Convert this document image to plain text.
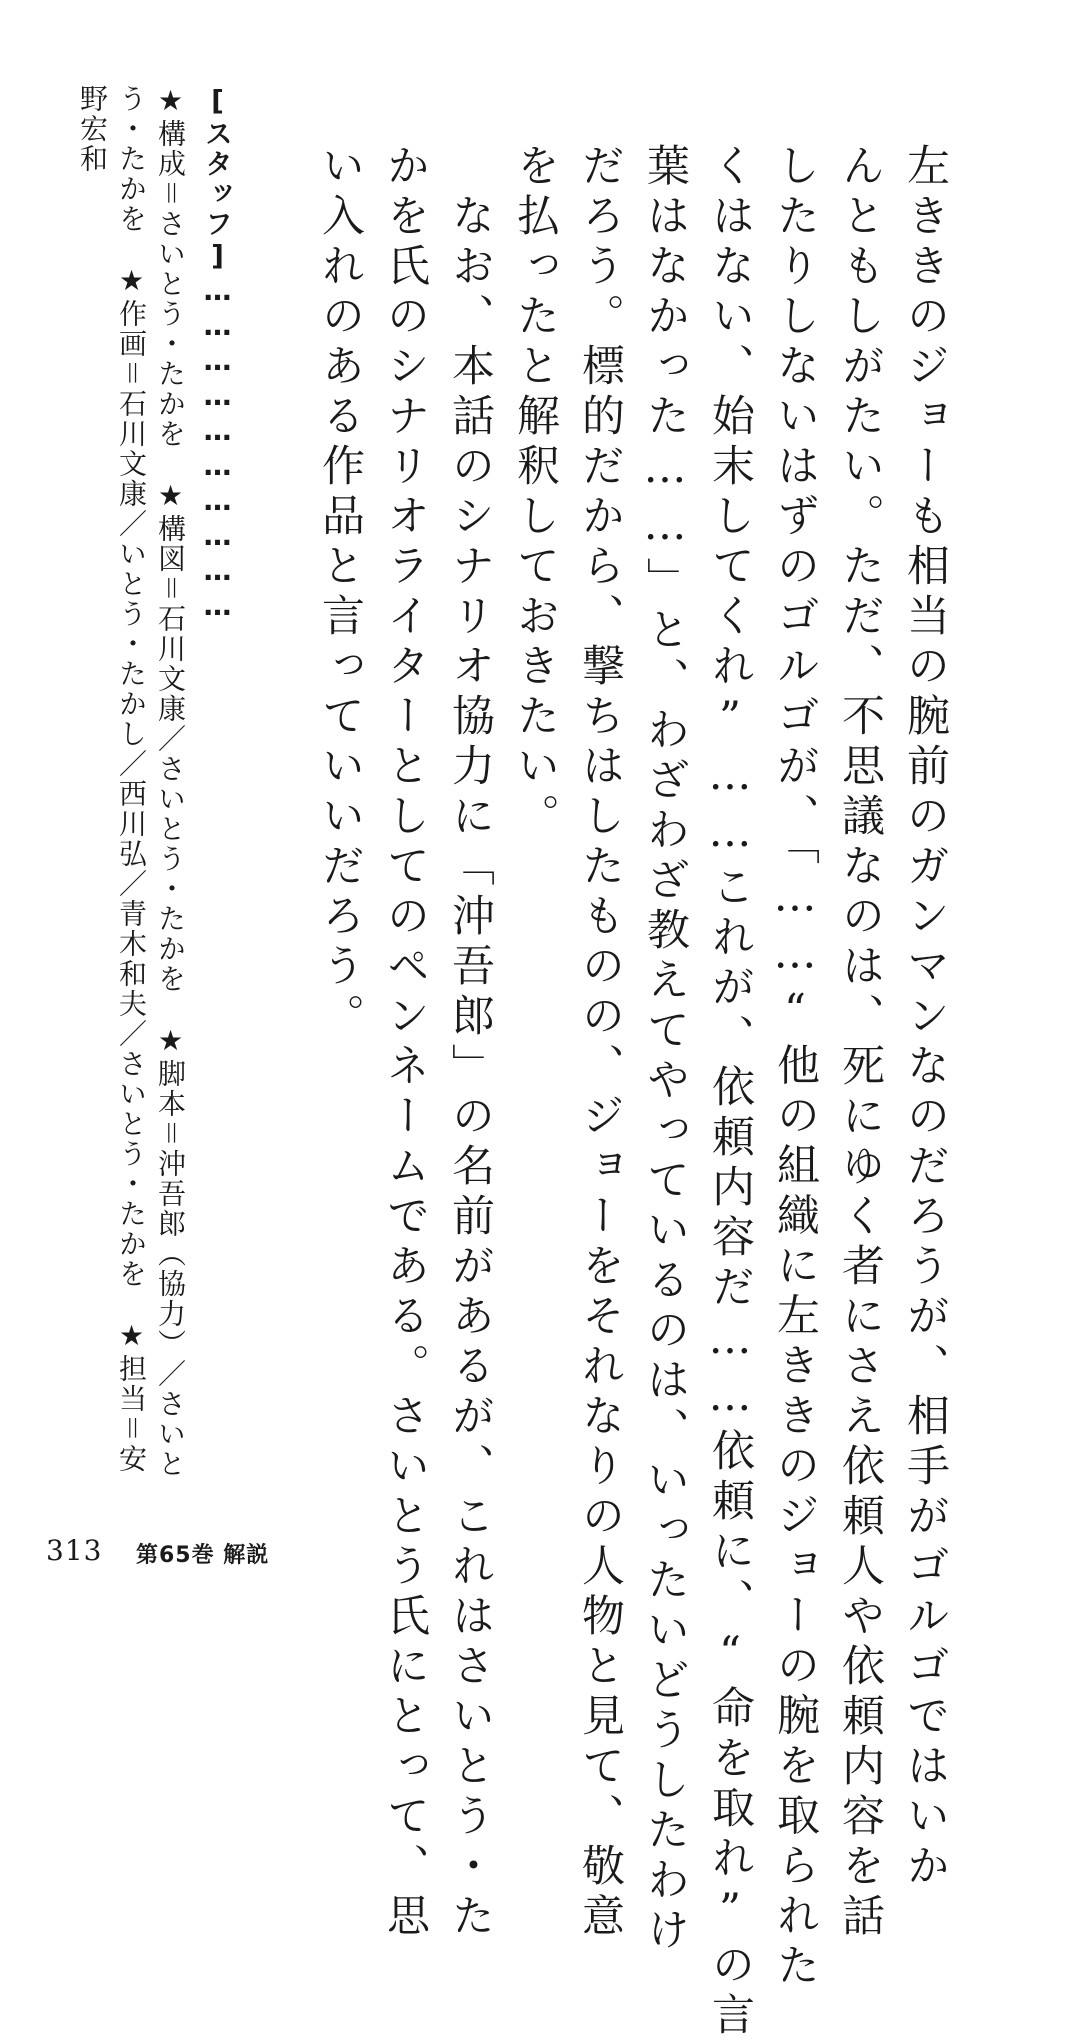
左ききのジョーも相当の腕前のガンマンなのだろうが、相手がゴルゴではいか
んともしがたい。ただ、不思議なのは、死にゆく者にさえ依頼人や依頼内容を話
したりしないはずのゴルゴが、「……“他の組織に左ききのジョーの腕を取られた
くはない、始末してくれ”……これが、依頼内容だ……依頼に、“命を取れ”の言
葉はなかった……」と、わざわざ教えてやっているのは、いったいどうしたわけ
だろう。標的だから、撃ちはしたものの、ジョーをそれなりの人物と見て、敬意
を払ったと解釈しておきたい。
　なお、本話のシナリオ協力に「沖吾郎」の名前があるが、これはさいとう・た
かを氏のシナリオライターとしてのペンネームである。さいとう氏にとって、思
い入れのある作品と言っていいだろう。
[スタッフ]…………………………
★構成＝さいとう・たかを　★構図＝石川文康／さいとう・たかを　★脚本＝沖吾郎（協力）／さいと
う・たかを　★作画＝石川文康／いとう・たかし／西川弘／青木和夫／さいとう・たかを　★担当＝安
野宏和
313 第65巻 解説
